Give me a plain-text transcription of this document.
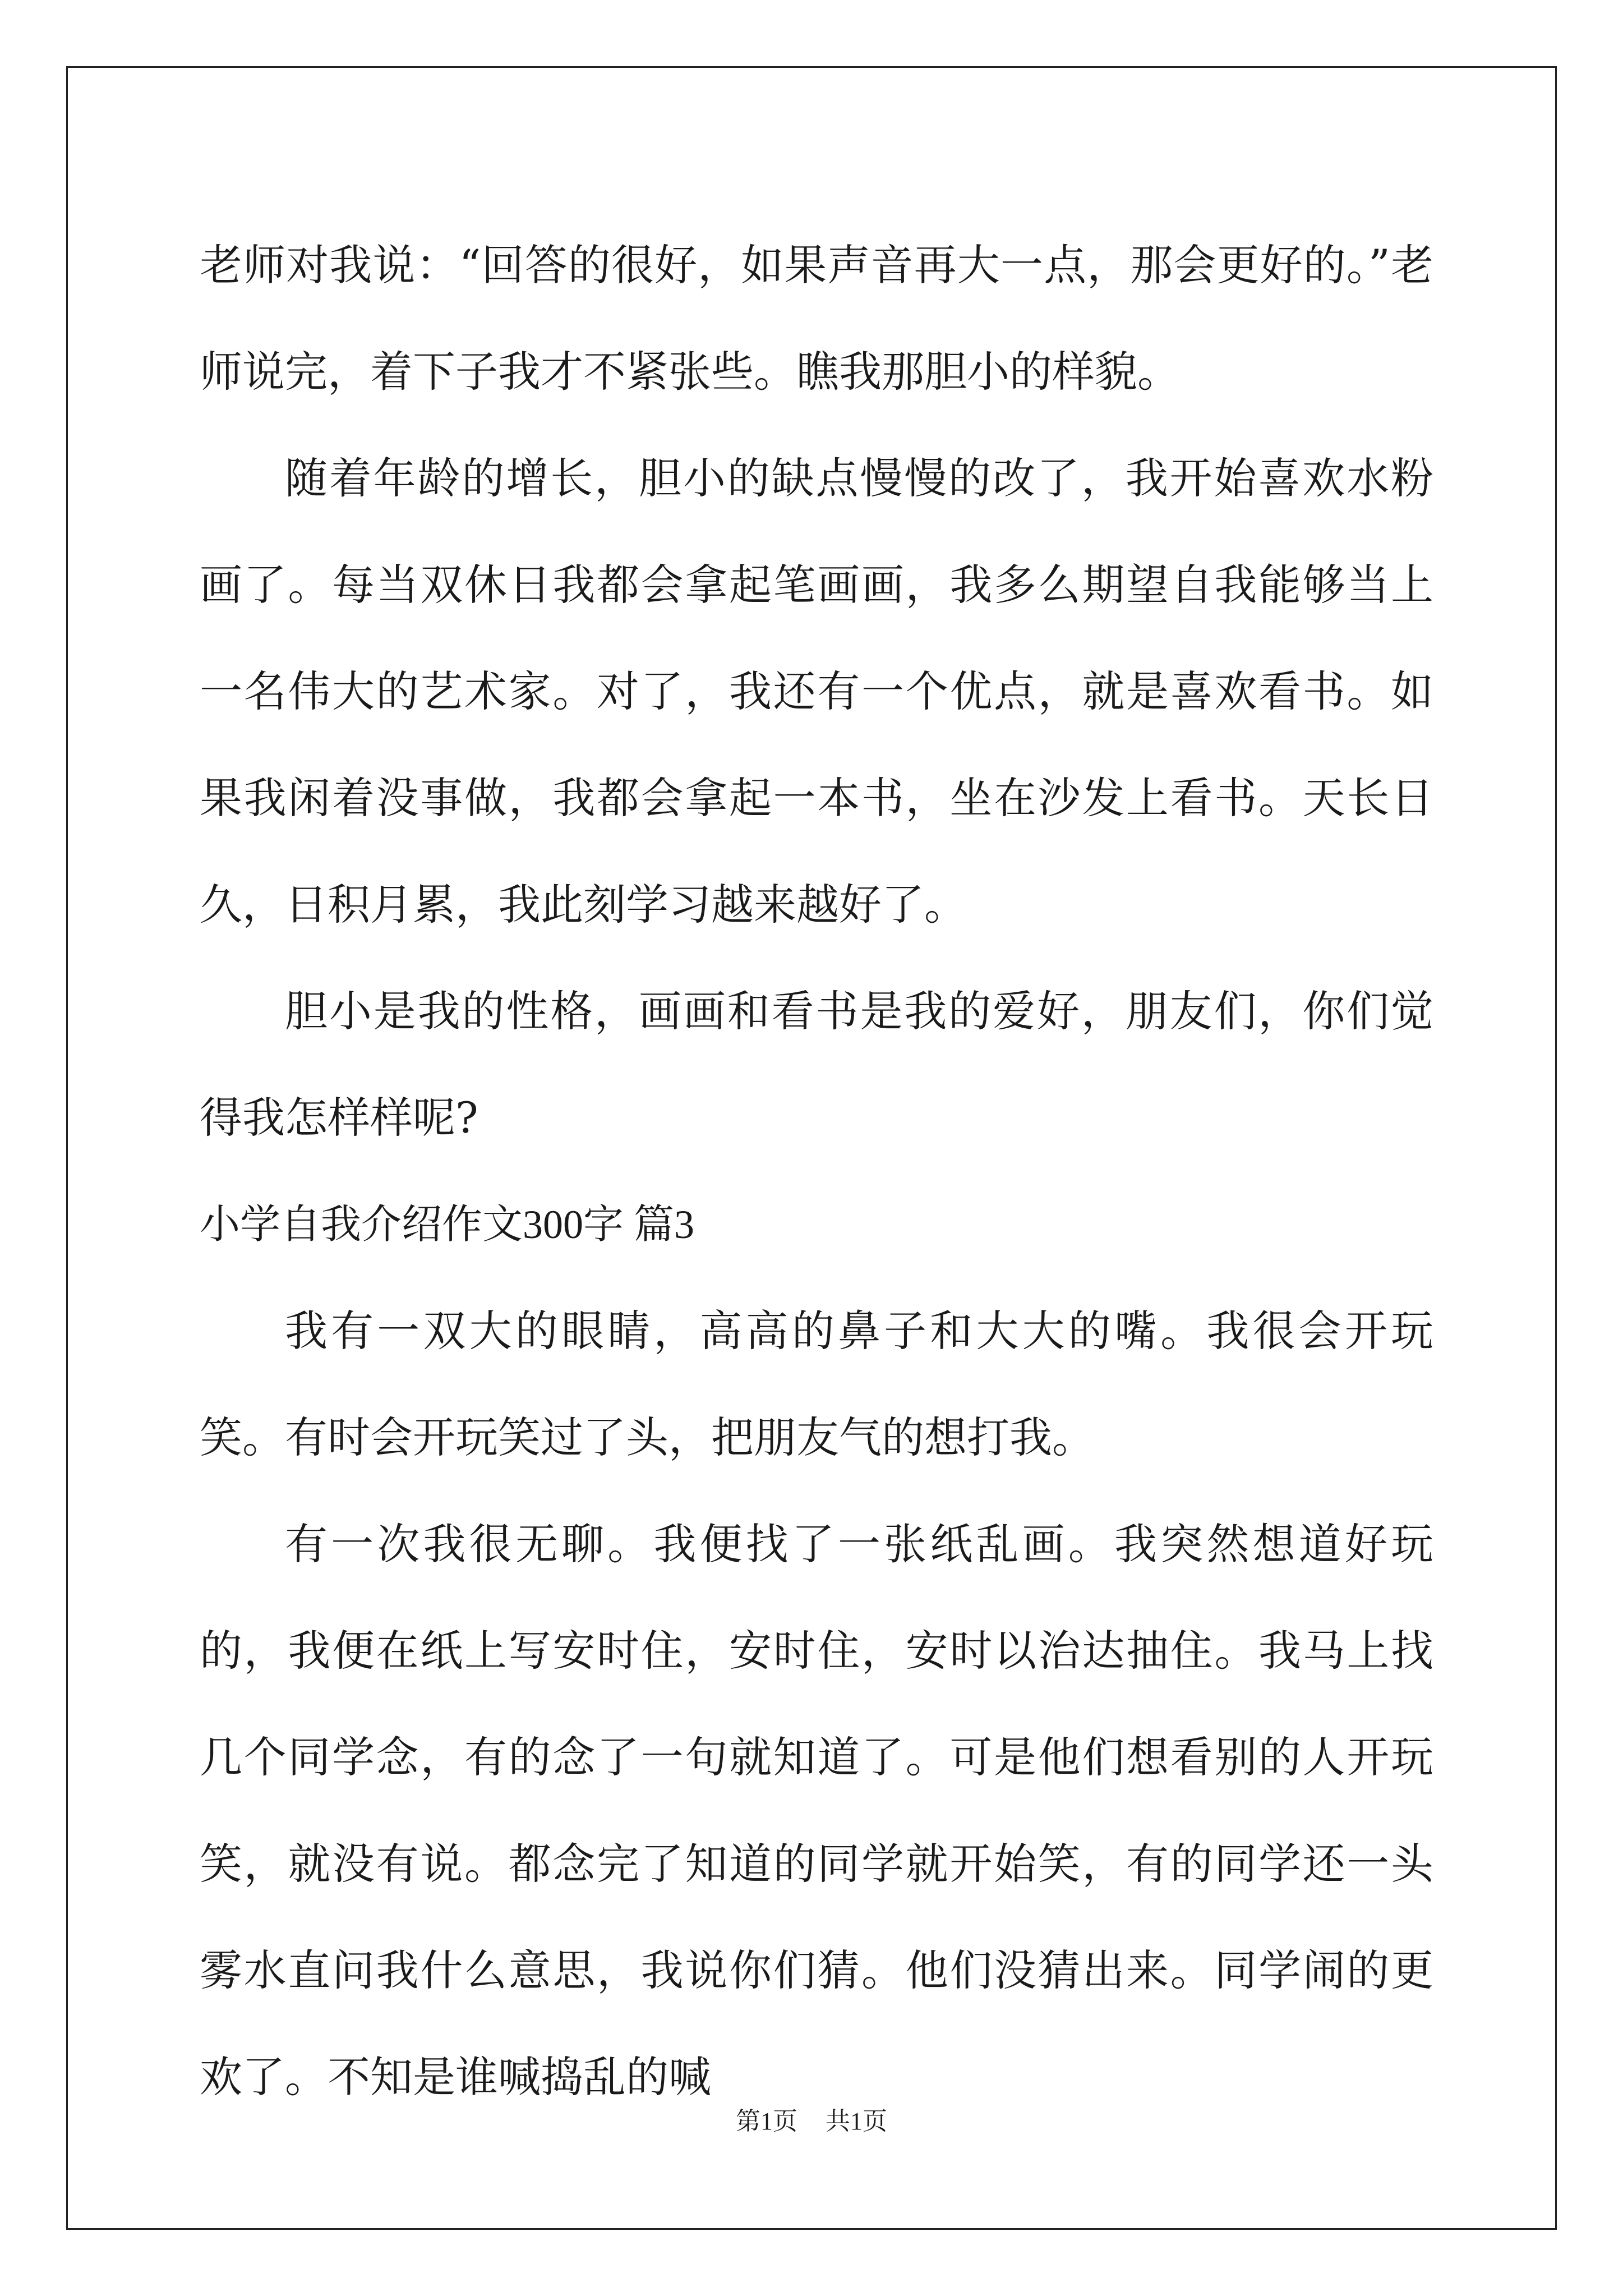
老师对我说：“回答的很好，如果声音再大一点，那会更好的。”老师说完，着下子我才不紧张些。瞧我那胆小的样貌。

随着年龄的增长，胆小的缺点慢慢的改了，我开始喜欢水粉画了。每当双休日我都会拿起笔画画，我多么期望自我能够当上一名伟大的艺术家。对了，我还有一个优点，就是喜欢看书。如果我闲着没事做，我都会拿起一本书，坐在沙发上看书。天长日久，日积月累，我此刻学习越来越好了。

胆小是我的性格，画画和看书是我的爱好，朋友们，你们觉得我怎样样呢?

小学自我介绍作文300字 篇3

我有一双大的眼睛，高高的鼻子和大大的嘴。我很会开玩笑。有时会开玩笑过了头，把朋友气的想打我。

有一次我很无聊。我便找了一张纸乱画。我突然想道好玩的，我便在纸上写安时住，安时住，安时以治达抽住。我马上找几个同学念，有的念了一句就知道了。可是他们想看别的人开玩笑，就没有说。都念完了知道的同学就开始笑，有的同学还一头雾水直问我什么意思，我说你们猜。他们没猜出来。同学闹的更欢了。不知是谁喊捣乱的喊

第1页 共1页
